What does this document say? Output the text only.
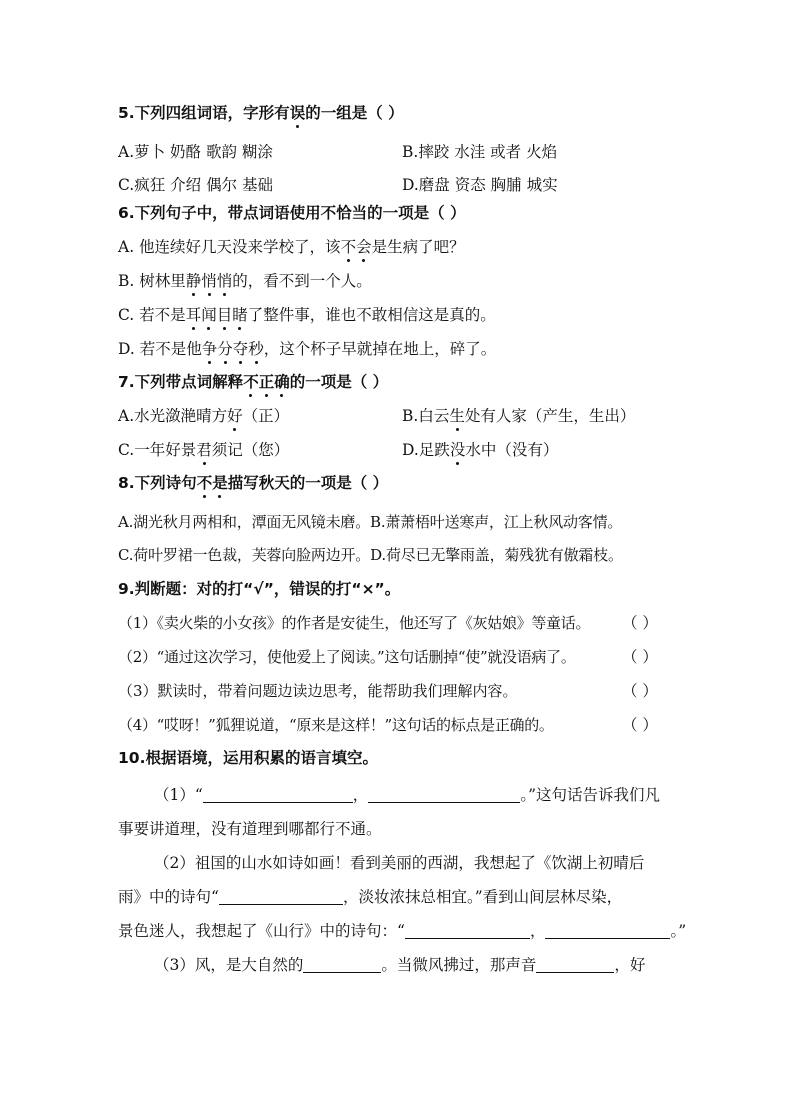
5.下列四组词语，字形有误的一组是（ ）
A.萝卜 奶酪 歌韵 糊涂	B.摔跤 水洼 或者 火焰
C.疯狂 介绍 偶尔 基础	D.磨盘 资态 胸脯 城实
6.下列句子中，带点词语使用不恰当的一项是（ ）
A. 他连续好几天没来学校了，该不会是生病了吧？
B. 树林里静悄悄的，看不到一个人。
C. 若不是耳闻目睹了整件事，谁也不敢相信这是真的。
D. 若不是他争分夺秒，这个杯子早就掉在地上，碎了。
7.下列带点词解释不正确的一项是（ ）
A.水光潋滟晴方好（正）	B.白云生处有人家（产生，生出）
C.一年好景君须记（您）	D.足跌没水中（没有）
8.下列诗句不是描写秋天的一项是（ ）
A.湖光秋月两相和，潭面无风镜未磨。B.萧萧梧叶送寒声，江上秋风动客情。
C.荷叶罗裙一色裁，芙蓉向脸两边开。D.荷尽已无擎雨盖，菊残犹有傲霜枝。
9.判断题：对的打“√”，错误的打“×”。
（1）《卖火柴的小女孩》的作者是安徒生，他还写了《灰姑娘》等童话。 （ ）
（2）“通过这次学习，使他爱上了阅读。”这句话删掉“使”就没语病了。	（ ）
（3）默读时，带着问题边读边思考，能帮助我们理解内容。	（ ）
（4）“哎呀！”狐狸说道，“原来是这样！”这句话的标点是正确的。	（ ）
10.根据语境，运用积累的语言填空。
（1）“	，	。”这句话告诉我们凡
事要讲道理，没有道理到哪都行不通。
（2）祖国的山水如诗如画！看到美丽的西湖，我想起了《饮湖上初晴后
雨》中的诗句“	，淡妆浓抹总相宜。”看到山间层林尽染，
景色迷人，我想起了《山行》中的诗句：“	，	。”
（3）风，是大自然的	。当微风拂过，那声音	，好
